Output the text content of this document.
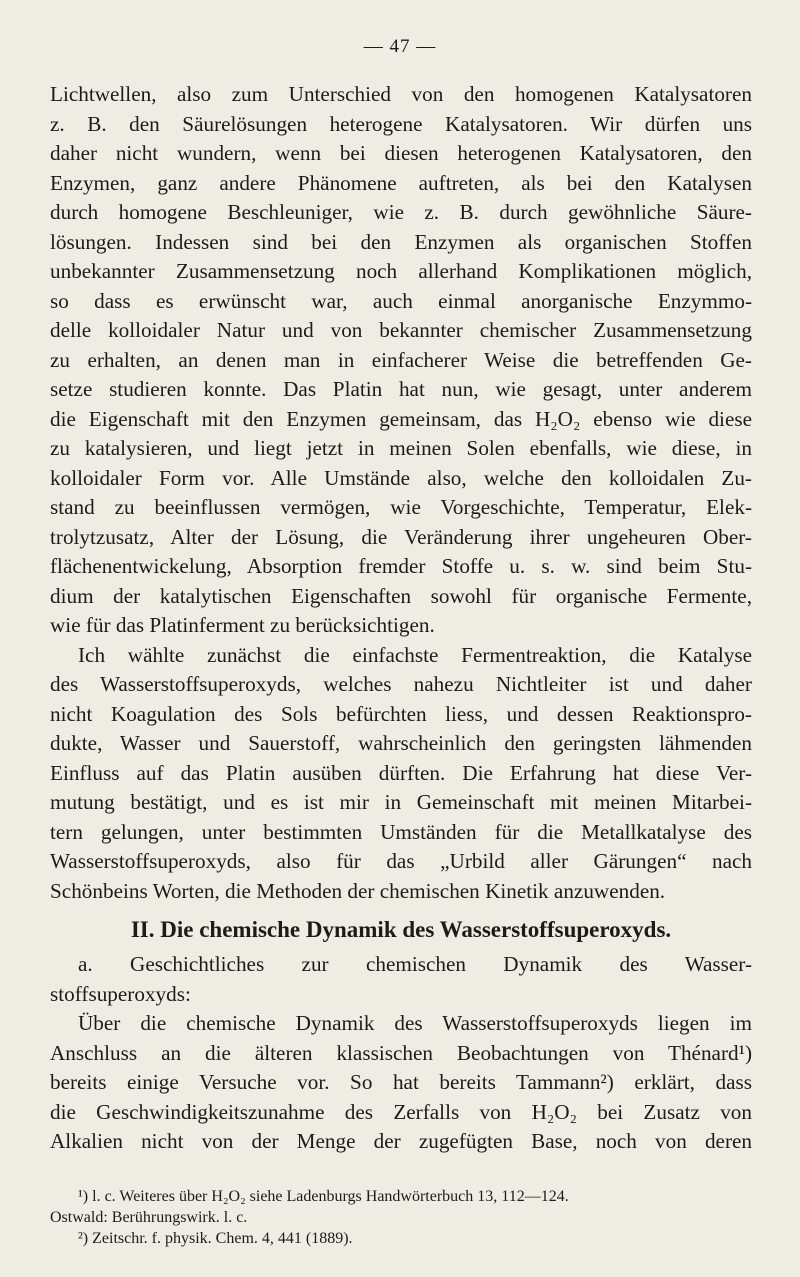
— 47 —
Lichtwellen, also zum Unterschied von den homogenen Katalysatoren
z. B. den Säurelösungen heterogene Katalysatoren. Wir dürfen uns
daher nicht wundern, wenn bei diesen heterogenen Katalysatoren, den
Enzymen, ganz andere Phänomene auftreten, als bei den Katalysen
durch homogene Beschleuniger, wie z. B. durch gewöhnliche Säure-
lösungen. Indessen sind bei den Enzymen als organischen Stoffen
unbekannter Zusammensetzung noch allerhand Komplikationen möglich,
so dass es erwünscht war, auch einmal anorganische Enzymmo-
delle kolloidaler Natur und von bekannter chemischer Zusammensetzung
zu erhalten, an denen man in einfacherer Weise die betreffenden Ge-
setze studieren konnte. Das Platin hat nun, wie gesagt, unter anderem
die Eigenschaft mit den Enzymen gemeinsam, das H₂O₂ ebenso wie diese
zu katalysieren, und liegt jetzt in meinen Solen ebenfalls, wie diese, in
kolloidaler Form vor. Alle Umstände also, welche den kolloidalen Zu-
stand zu beeinflussen vermögen, wie Vorgeschichte, Temperatur, Elek-
trolytzusatz, Alter der Lösung, die Veränderung ihrer ungeheuren Ober-
flächenentwickelung, Absorption fremder Stoffe u. s. w. sind beim Stu-
dium der katalytischen Eigenschaften sowohl für organische Fermente,
wie für das Platinferment zu berücksichtigen.
Ich wählte zunächst die einfachste Fermentreaktion, die Katalyse
des Wasserstoffsuperoxyds, welches nahezu Nichtleiter ist und daher
nicht Koagulation des Sols befürchten liess, und dessen Reaktionspro-
dukte, Wasser und Sauerstoff, wahrscheinlich den geringsten lähmenden
Einfluss auf das Platin ausüben dürften. Die Erfahrung hat diese Ver-
mutung bestätigt, und es ist mir in Gemeinschaft mit meinen Mitarbei-
tern gelungen, unter bestimmten Umständen für die Metallkatalyse des
Wasserstoffsuperoxyds, also für das „Urbild aller Gärungen“ nach
Schönbeins Worten, die Methoden der chemischen Kinetik anzuwenden.
II. Die chemische Dynamik des Wasserstoffsuperoxyds.
a. Geschichtliches zur chemischen Dynamik des Wasser-
stoffsuperoxyds:
Über die chemische Dynamik des Wasserstoffsuperoxyds liegen im
Anschluss an die älteren klassischen Beobachtungen von Thénard¹)
bereits einige Versuche vor. So hat bereits Tammann²) erklärt, dass
die Geschwindigkeitszunahme des Zerfalls von H₂O₂ bei Zusatz von
Alkalien nicht von der Menge der zugefügten Base, noch von deren
¹) l. c. Weiteres über H₂O₂ siehe Ladenburgs Handwörterbuch 13, 112—124.
Ostwald: Berührungswirk. l. c.
²) Zeitschr. f. physik. Chem. 4, 441 (1889).
